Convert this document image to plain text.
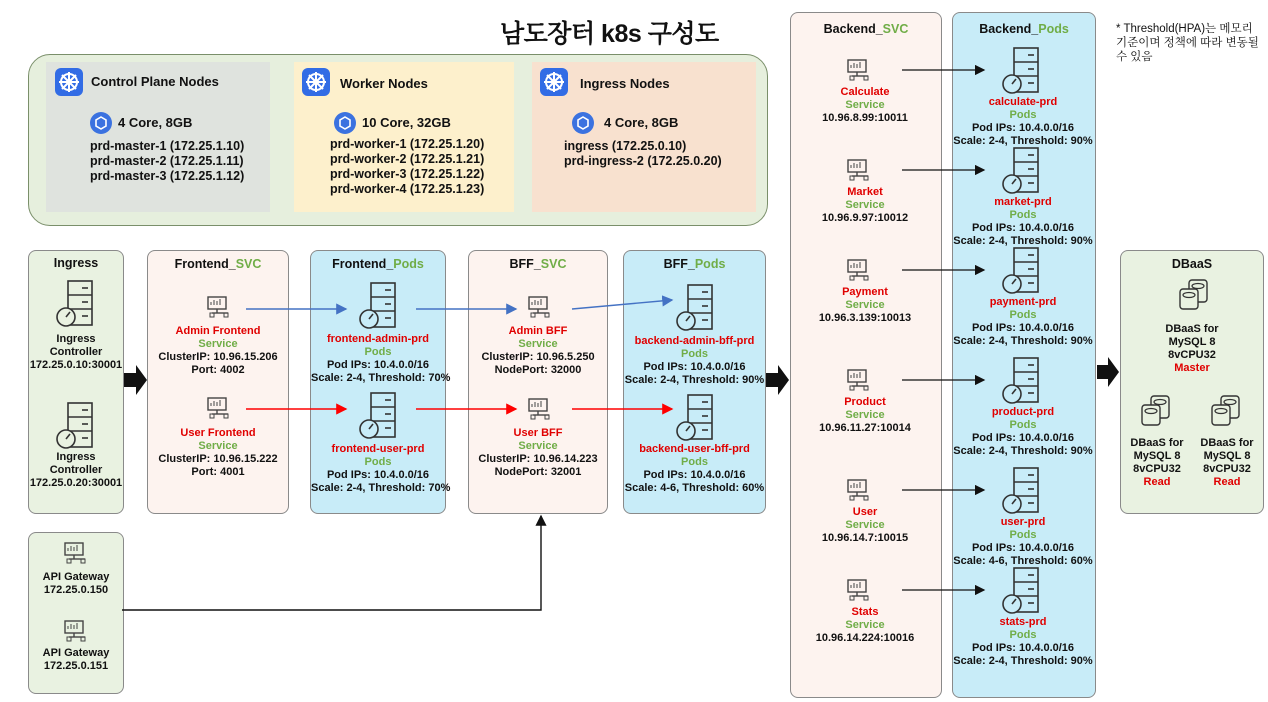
남도장터 k8s 구성도	* Threshold(HPA)는 메모리 기준이며 정책에 따라 변동될 수 있음
Control Plane Nodes
4 Core, 8GB
prd-master-1 (172.25.1.10)
prd-master-2 (172.25.1.11)
prd-master-3 (172.25.1.12)
Worker Nodes
10 Core, 32GB
prd-worker-1 (172.25.1.20)
prd-worker-2 (172.25.1.21)
prd-worker-3 (172.25.1.22)
prd-worker-4 (172.25.1.23)
Ingress Nodes
4 Core, 8GB
ingress (172.25.0.10)
prd-ingress-2 (172.25.0.20)
Ingress
Ingress
Controller
172.25.0.10:30001
Ingress
Controller
172.25.0.20:30001
API Gateway
172.25.0.150
API Gateway
172.25.0.151
Frontend_SVC
Admin Frontend
Service
ClusterIP: 10.96.15.206
Port: 4002
User Frontend
Service
ClusterIP: 10.96.15.222
Port: 4001
Frontend_Pods
frontend-admin-prd
Pods
Pod IPs: 10.4.0.0/16
Scale: 2-4, Threshold: 70%
frontend-user-prd
Pods
Pod IPs: 10.4.0.0/16
Scale: 2-4, Threshold: 70%
BFF_SVC
Admin BFF
Service
ClusterIP: 10.96.5.250
NodePort: 32000
User BFF
Service
ClusterIP: 10.96.14.223
NodePort: 32001
BFF_Pods
backend-admin-bff-prd
Pods
Pod IPs: 10.4.0.0/16
Scale: 2-4, Threshold: 90%
backend-user-bff-prd
Pods
Pod IPs: 10.4.0.0/16
Scale: 4-6, Threshold: 60%
Backend_SVC
Calculate
Service
10.96.8.99:10011
Market
Service
10.96.9.97:10012
Payment
Service
10.96.3.139:10013
Product
Service
10.96.11.27:10014
User
Service
10.96.14.7:10015
Stats
Service
10.96.14.224:10016
Backend_Pods
calculate-prd
Pods
Pod IPs: 10.4.0.0/16
Scale: 2-4, Threshold: 90%
market-prd
Pods
Pod IPs: 10.4.0.0/16
Scale: 2-4, Threshold: 90%
payment-prd
Pods
Pod IPs: 10.4.0.0/16
Scale: 2-4, Threshold: 90%
product-prd
Pods
Pod IPs: 10.4.0.0/16
Scale: 2-4, Threshold: 90%
user-prd
Pods
Pod IPs: 10.4.0.0/16
Scale: 4-6, Threshold: 60%
stats-prd
Pods
Pod IPs: 10.4.0.0/16
Scale: 2-4, Threshold: 90%
DBaaS
DBaaS for
MySQL 8
8vCPU32
Master
DBaaS for
MySQL 8
8vCPU32
Read
DBaaS for
MySQL 8
8vCPU32
Read
